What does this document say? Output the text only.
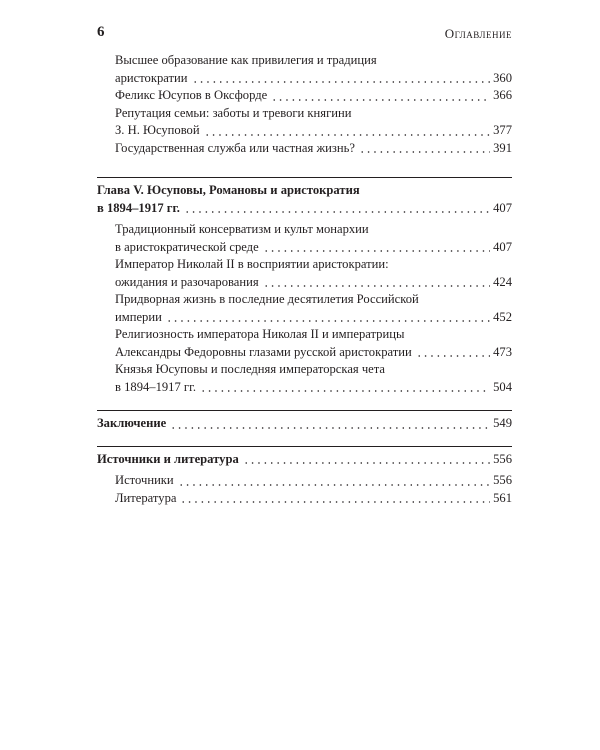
6	Оглавление
Высшее образование как привилегия и традиция
аристократии	360
Феликс Юсупов в Оксфорде	366
Репутация семьи: заботы и тревоги княгини
З. Н. Юсуповой	377
Государственная служба или частная жизнь?	391
Глава V. Юсуповы, Романовы и аристократия
в 1894–1917 гг.	407
Традиционный консерватизм и культ монархии
в аристократической среде	407
Император Николай II в восприятии аристократии:
ожидания и разочарования	424
Придворная жизнь в последние десятилетия Российской
империи	452
Религиозность императора Николая II и императрицы
Александры Федоровны глазами русской аристократии	473
Князья Юсуповы и последняя императорская чета
в 1894–1917 гг.	504
Заключение	549
Источники и литература	556
Источники	556
Литература	561
